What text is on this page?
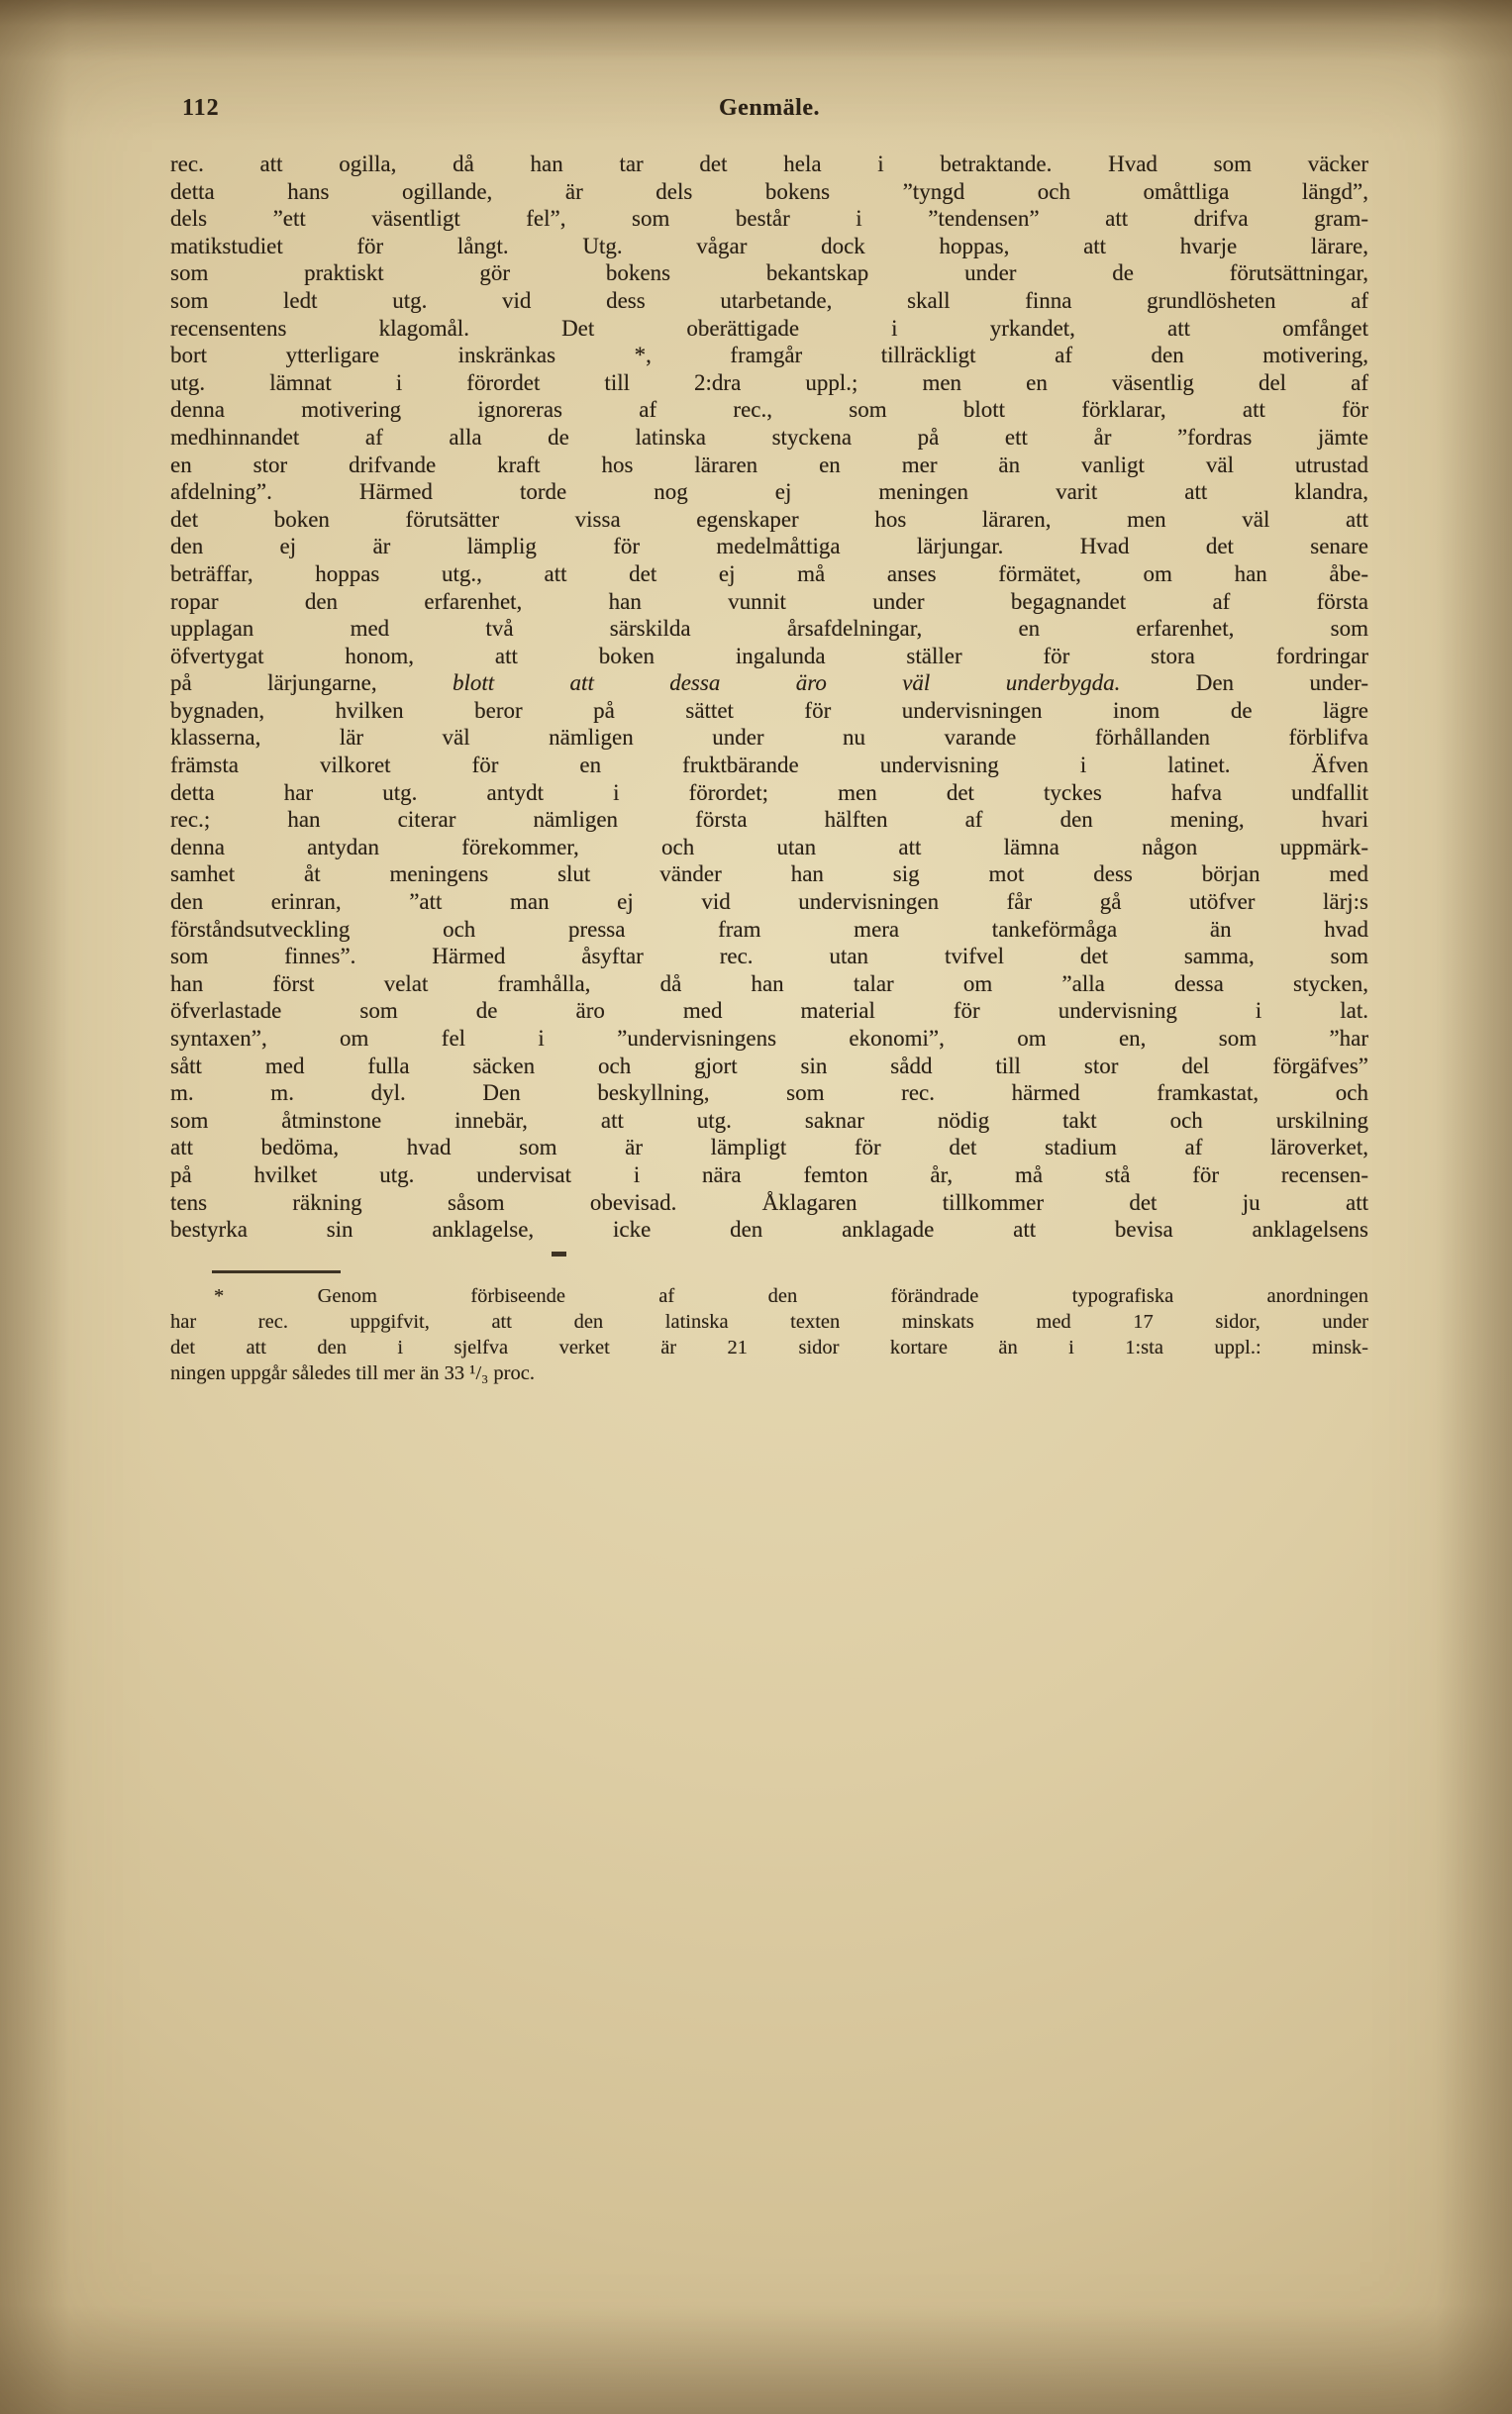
112	Genmäle.
rec. att ogilla, då han tar det hela i betraktande. Hvad som väcker
detta hans ogillande, är dels bokens ”tyngd och omåttliga längd”,
dels ”ett väsentligt fel”, som består i ”tendensen” att drifva gram-
matikstudiet för långt. Utg. vågar dock hoppas, att hvarje lärare,
som praktiskt gör bokens bekantskap under de förutsättningar,
som ledt utg. vid dess utarbetande, skall finna grundlösheten af
recensentens klagomål. Det oberättigade i yrkandet, att omfånget
bort ytterligare inskränkas *, framgår tillräckligt af den motivering,
utg. lämnat i förordet till 2:dra uppl.; men en väsentlig del af
denna motivering ignoreras af rec., som blott förklarar, att för
medhinnandet af alla de latinska styckena på ett år ”fordras jämte
en stor drifvande kraft hos läraren en mer än vanligt väl utrustad
afdelning”. Härmed torde nog ej meningen varit att klandra,
det boken förutsätter vissa egenskaper hos läraren, men väl att
den ej är lämplig för medelmåttiga lärjungar. Hvad det senare
beträffar, hoppas utg., att det ej må anses förmätet, om han åbe-
ropar den erfarenhet, han vunnit under begagnandet af första
upplagan med två särskilda årsafdelningar, en erfarenhet, som
öfvertygat honom, att boken ingalunda ställer för stora fordringar
på lärjungarne, blott att dessa äro väl underbygda. Den under-
bygnaden, hvilken beror på sättet för undervisningen inom de lägre
klasserna, lär väl nämligen under nu varande förhållanden förblifva
främsta vilkoret för en fruktbärande undervisning i latinet. Äfven
detta har utg. antydt i förordet; men det tyckes hafva undfallit
rec.; han citerar nämligen första hälften af den mening, hvari
denna antydan förekommer, och utan att lämna någon uppmärk-
samhet åt meningens slut vänder han sig mot dess början med
den erinran, ”att man ej vid undervisningen får gå utöfver lärj:s
förståndsutveckling och pressa fram mera tankeförmåga än hvad
som finnes”. Härmed åsyftar rec. utan tvifvel det samma, som
han först velat framhålla, då han talar om ”alla dessa stycken,
öfverlastade som de äro med material för undervisning i lat.
syntaxen”, om fel i ”undervisningens ekonomi”, om en, som ”har
sått med fulla säcken och gjort sin sådd till stor del förgäfves”
m. m. dyl. Den beskyllning, som rec. härmed framkastat, och
som åtminstone innebär, att utg. saknar nödig takt och urskilning
att bedöma, hvad som är lämpligt för det stadium af läroverket,
på hvilket utg. undervisat i nära femton år, må stå för recensen-
tens räkning såsom obevisad. Åklagaren tillkommer det ju att
bestyrka sin anklagelse, icke den anklagade att bevisa anklagelsens
* Genom förbiseende af den förändrade typografiska anordningen
har rec. uppgifvit, att den latinska texten minskats med 17 sidor, under
det att den i sjelfva verket är 21 sidor kortare än i 1:sta uppl.: minsk-
ningen uppgår således till mer än 33 ¹/₃ proc.
